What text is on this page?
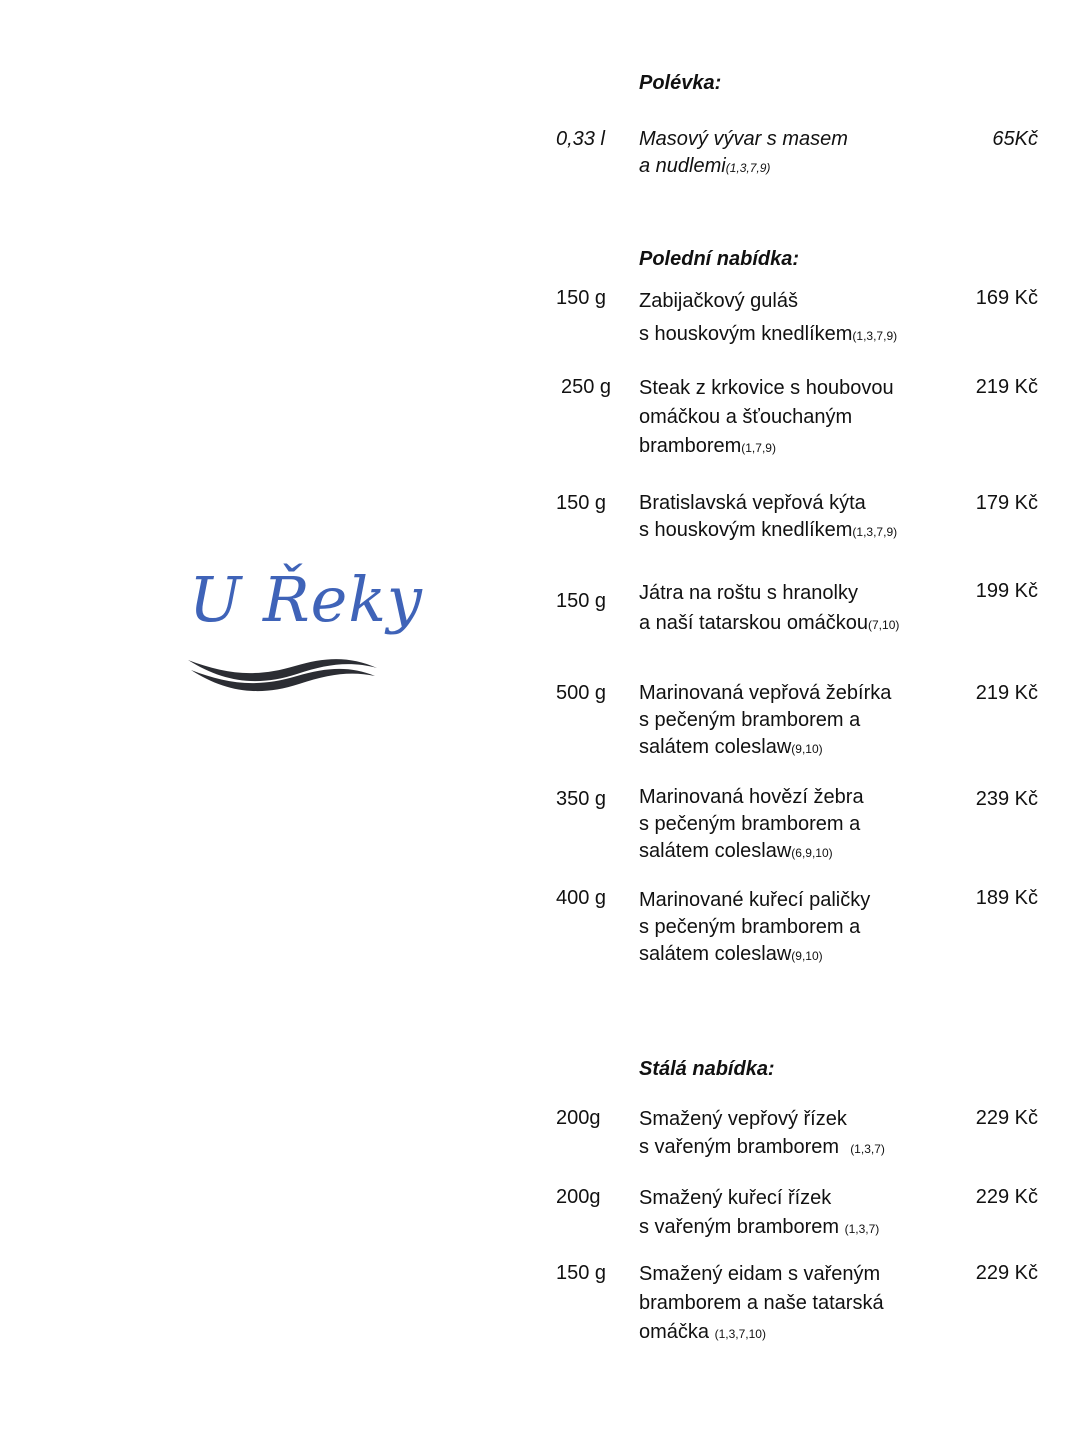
U Řeky
Polévka:
0,33 l Masový vývar s masem
a nudlemi(1,3,7,9)
65Kč
Polední nabídka:
150 g Zabijačkový guláš
s houskovým knedlíkem(1,3,7,9)
169 Kč
250 g Steak z krkovice s houbovou
omáčkou a šťouchaným
bramborem(1,7,9)
219 Kč
150 g Bratislavská vepřová kýta
s houskovým knedlíkem(1,3,7,9)
179 Kč
150 g Játra na roštu s hranolky
a naší tatarskou omáčkou(7,10)
199 Kč
500 g Marinovaná vepřová žebírka
s pečeným bramborem a
salátem coleslaw(9,10)
219 Kč
350 g Marinovaná hovězí žebra
s pečeným bramborem a
salátem coleslaw(6,9,10)
239 Kč
400 g Marinované kuřecí paličky
s pečeným bramborem a
salátem coleslaw(9,10)
189 Kč
Stálá nabídka:
200g Smažený vepřový řízek
s vařeným bramborem (1,3,7)
229 Kč
200g Smažený kuřecí řízek
s vařeným bramborem (1,3,7)
229 Kč
150 g Smažený eidam s vařeným
bramborem a naše tatarská
omáčka (1,3,7,10)
229 Kč
